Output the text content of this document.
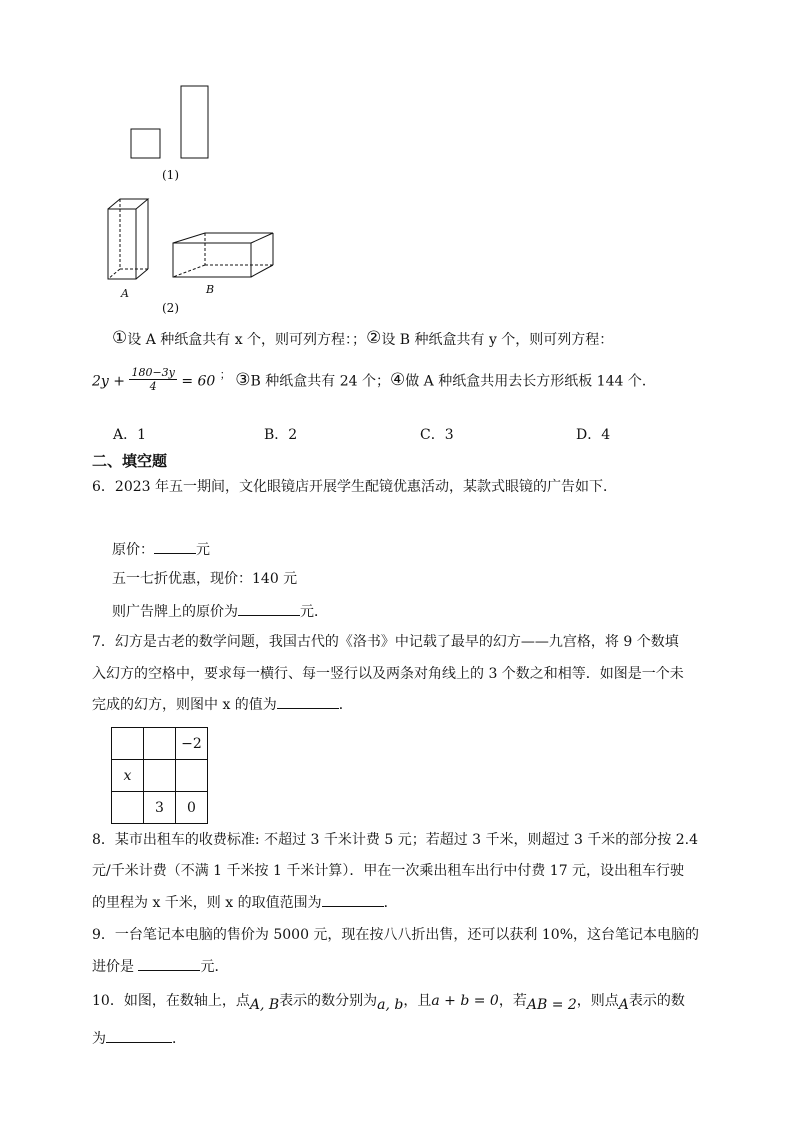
(1)
A	B
(2)
①设 A 种纸盒共有 x 个，则可列方程：；②设 B 种纸盒共有 y 个，则可列方程：
$2y + \frac{180-3y}{4} = 60$ ； ③B 种纸盒共有 24 个；④做 A 种纸盒共用去长方形纸板 144 个．
A．1	B．2	C．3	D．4
二、填空题
6．2023 年五一期间，文化眼镜店开展学生配镜优惠活动，某款式眼镜的广告如下．
原价：	元
五一七折优惠，现价：140 元
则广告牌上的原价为	元．
7．幻方是古老的数学问题，我国古代的《洛书》中记载了最早的幻方——九宫格，将 9 个数填
入幻方的空格中，要求每一横行、每一竖行以及两条对角线上的 3 个数之和相等．如图是一个未
完成的幻方，则图中 x 的值为	．
		−2
x		
	3	0
8．某市出租车的收费标准: 不超过 3 千米计费 5 元；若超过 3 千米，则超过 3 千米的部分按 2.4
元/千米计费（不满 1 千米按 1 千米计算）．甲在一次乘出租车出行中付费 17 元，设出租车行驶
的里程为 x 千米，则 x 的取值范围为	．
9．一台笔记本电脑的售价为 5000 元，现在按八八折出售，还可以获利 10%，这台笔记本电脑的
进价是	元．
10．如图，在数轴上，点A, B表示的数分别为a, b，且a + b = 0，若AB = 2，则点A表示的数
为	．
